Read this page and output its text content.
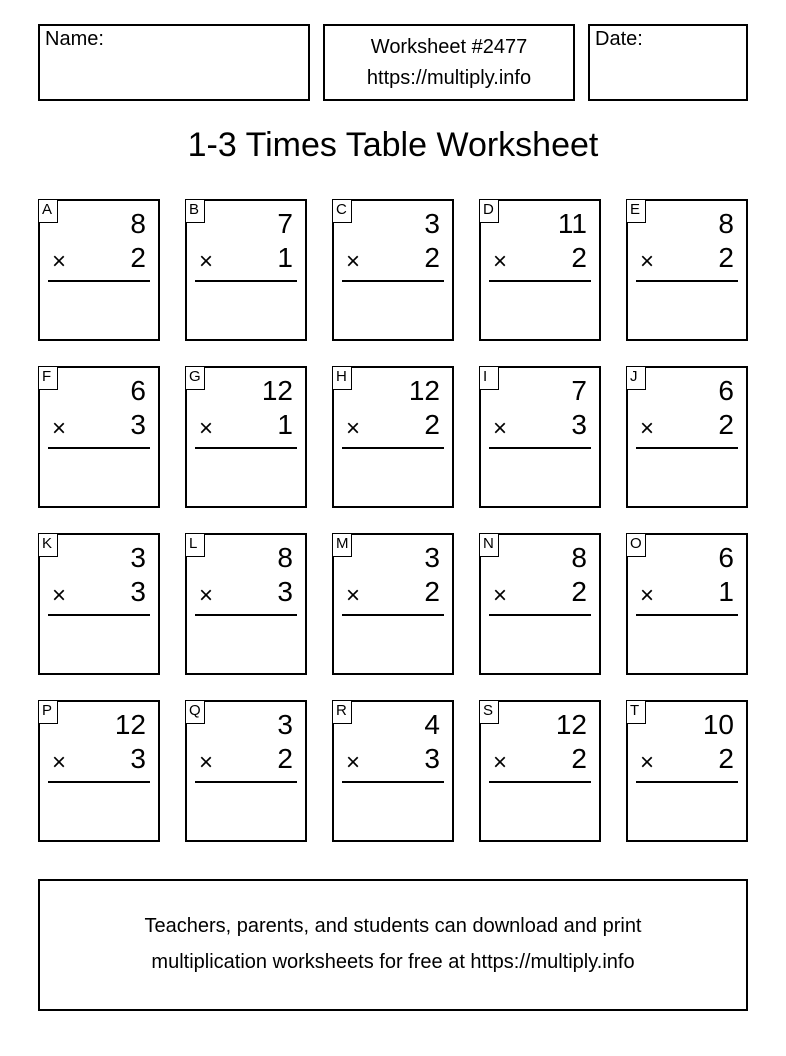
Name:	Worksheet #2477
https://multiply.info
Date:
1-3 Times Table Worksheet
A	8
× 2
B	7
× 1
C	3
× 2
D 11
× 2
E	8
× 2
F	6
× 3
G 12
× 1
H 12
× 2
I	7
× 3
J	6
× 2
K	3
× 3
L	8
× 3
M	3
× 2
N	8
× 2
O	6
× 1
P 12
× 3
Q	3
× 2
R	4
× 3
S 12
× 2
T 10
× 2
Teachers, parents, and students can download and print
multiplication worksheets for free at https://multiply.info
